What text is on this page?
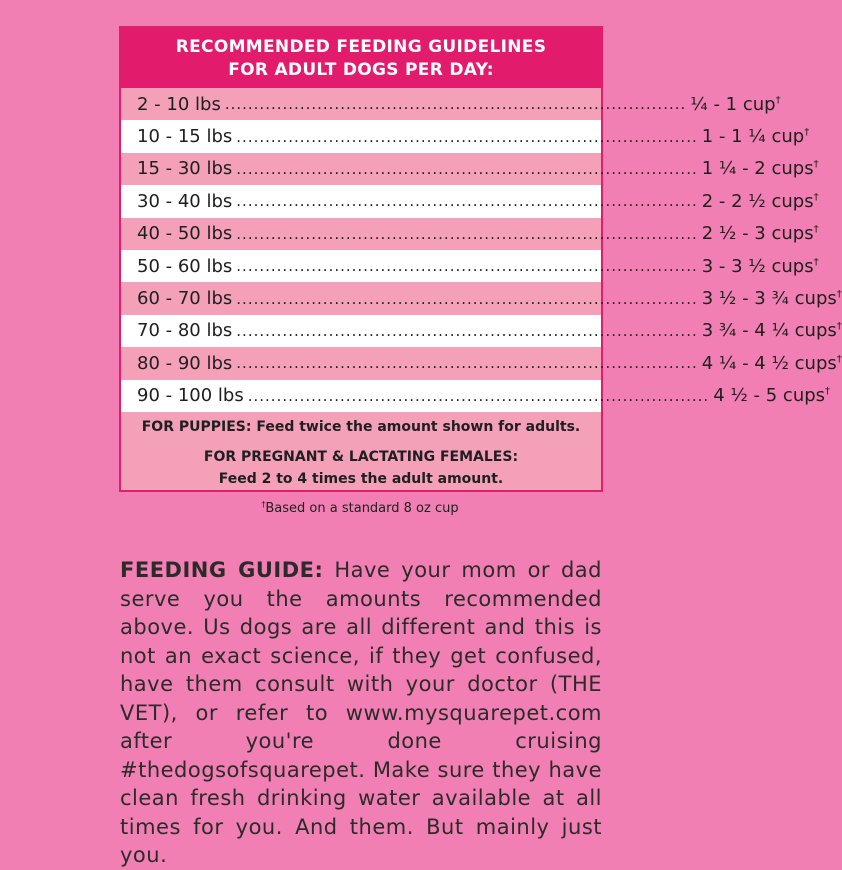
RECOMMENDED FEEDING GUIDELINES
FOR ADULT DOGS PER DAY:
2 - 10 lbs ................................................................................ ¼ - 1 cup†
10 - 15 lbs ................................................................................ 1 - 1 ¼ cup†
15 - 30 lbs ................................................................................ 1 ¼ - 2 cups†
30 - 40 lbs ................................................................................ 2 - 2 ½ cups†
40 - 50 lbs ................................................................................ 2 ½ - 3 cups†
50 - 60 lbs ................................................................................ 3 - 3 ½ cups†
60 - 70 lbs ................................................................................ 3 ½ - 3 ¾ cups†
70 - 80 lbs ................................................................................ 3 ¾ - 4 ¼ cups†
80 - 90 lbs ................................................................................ 4 ¼ - 4 ½ cups†
90 - 100 lbs ................................................................................ 4 ½ - 5 cups†
FOR PUPPIES: Feed twice the amount shown for adults.
FOR PREGNANT & LACTATING FEMALES:
Feed 2 to 4 times the adult amount.
†Based on a standard 8 oz cup
FEEDING GUIDE: Have your mom or dad serve you the amounts recommended above. Us dogs are all different and this is not an exact science, if they get confused, have them consult with your doctor (THE VET), or refer to www.mysquarepet.com after you're done cruising #thedogsofsquarepet. Make sure they have clean fresh drinking water available at all times for you. And them. But mainly just you.
